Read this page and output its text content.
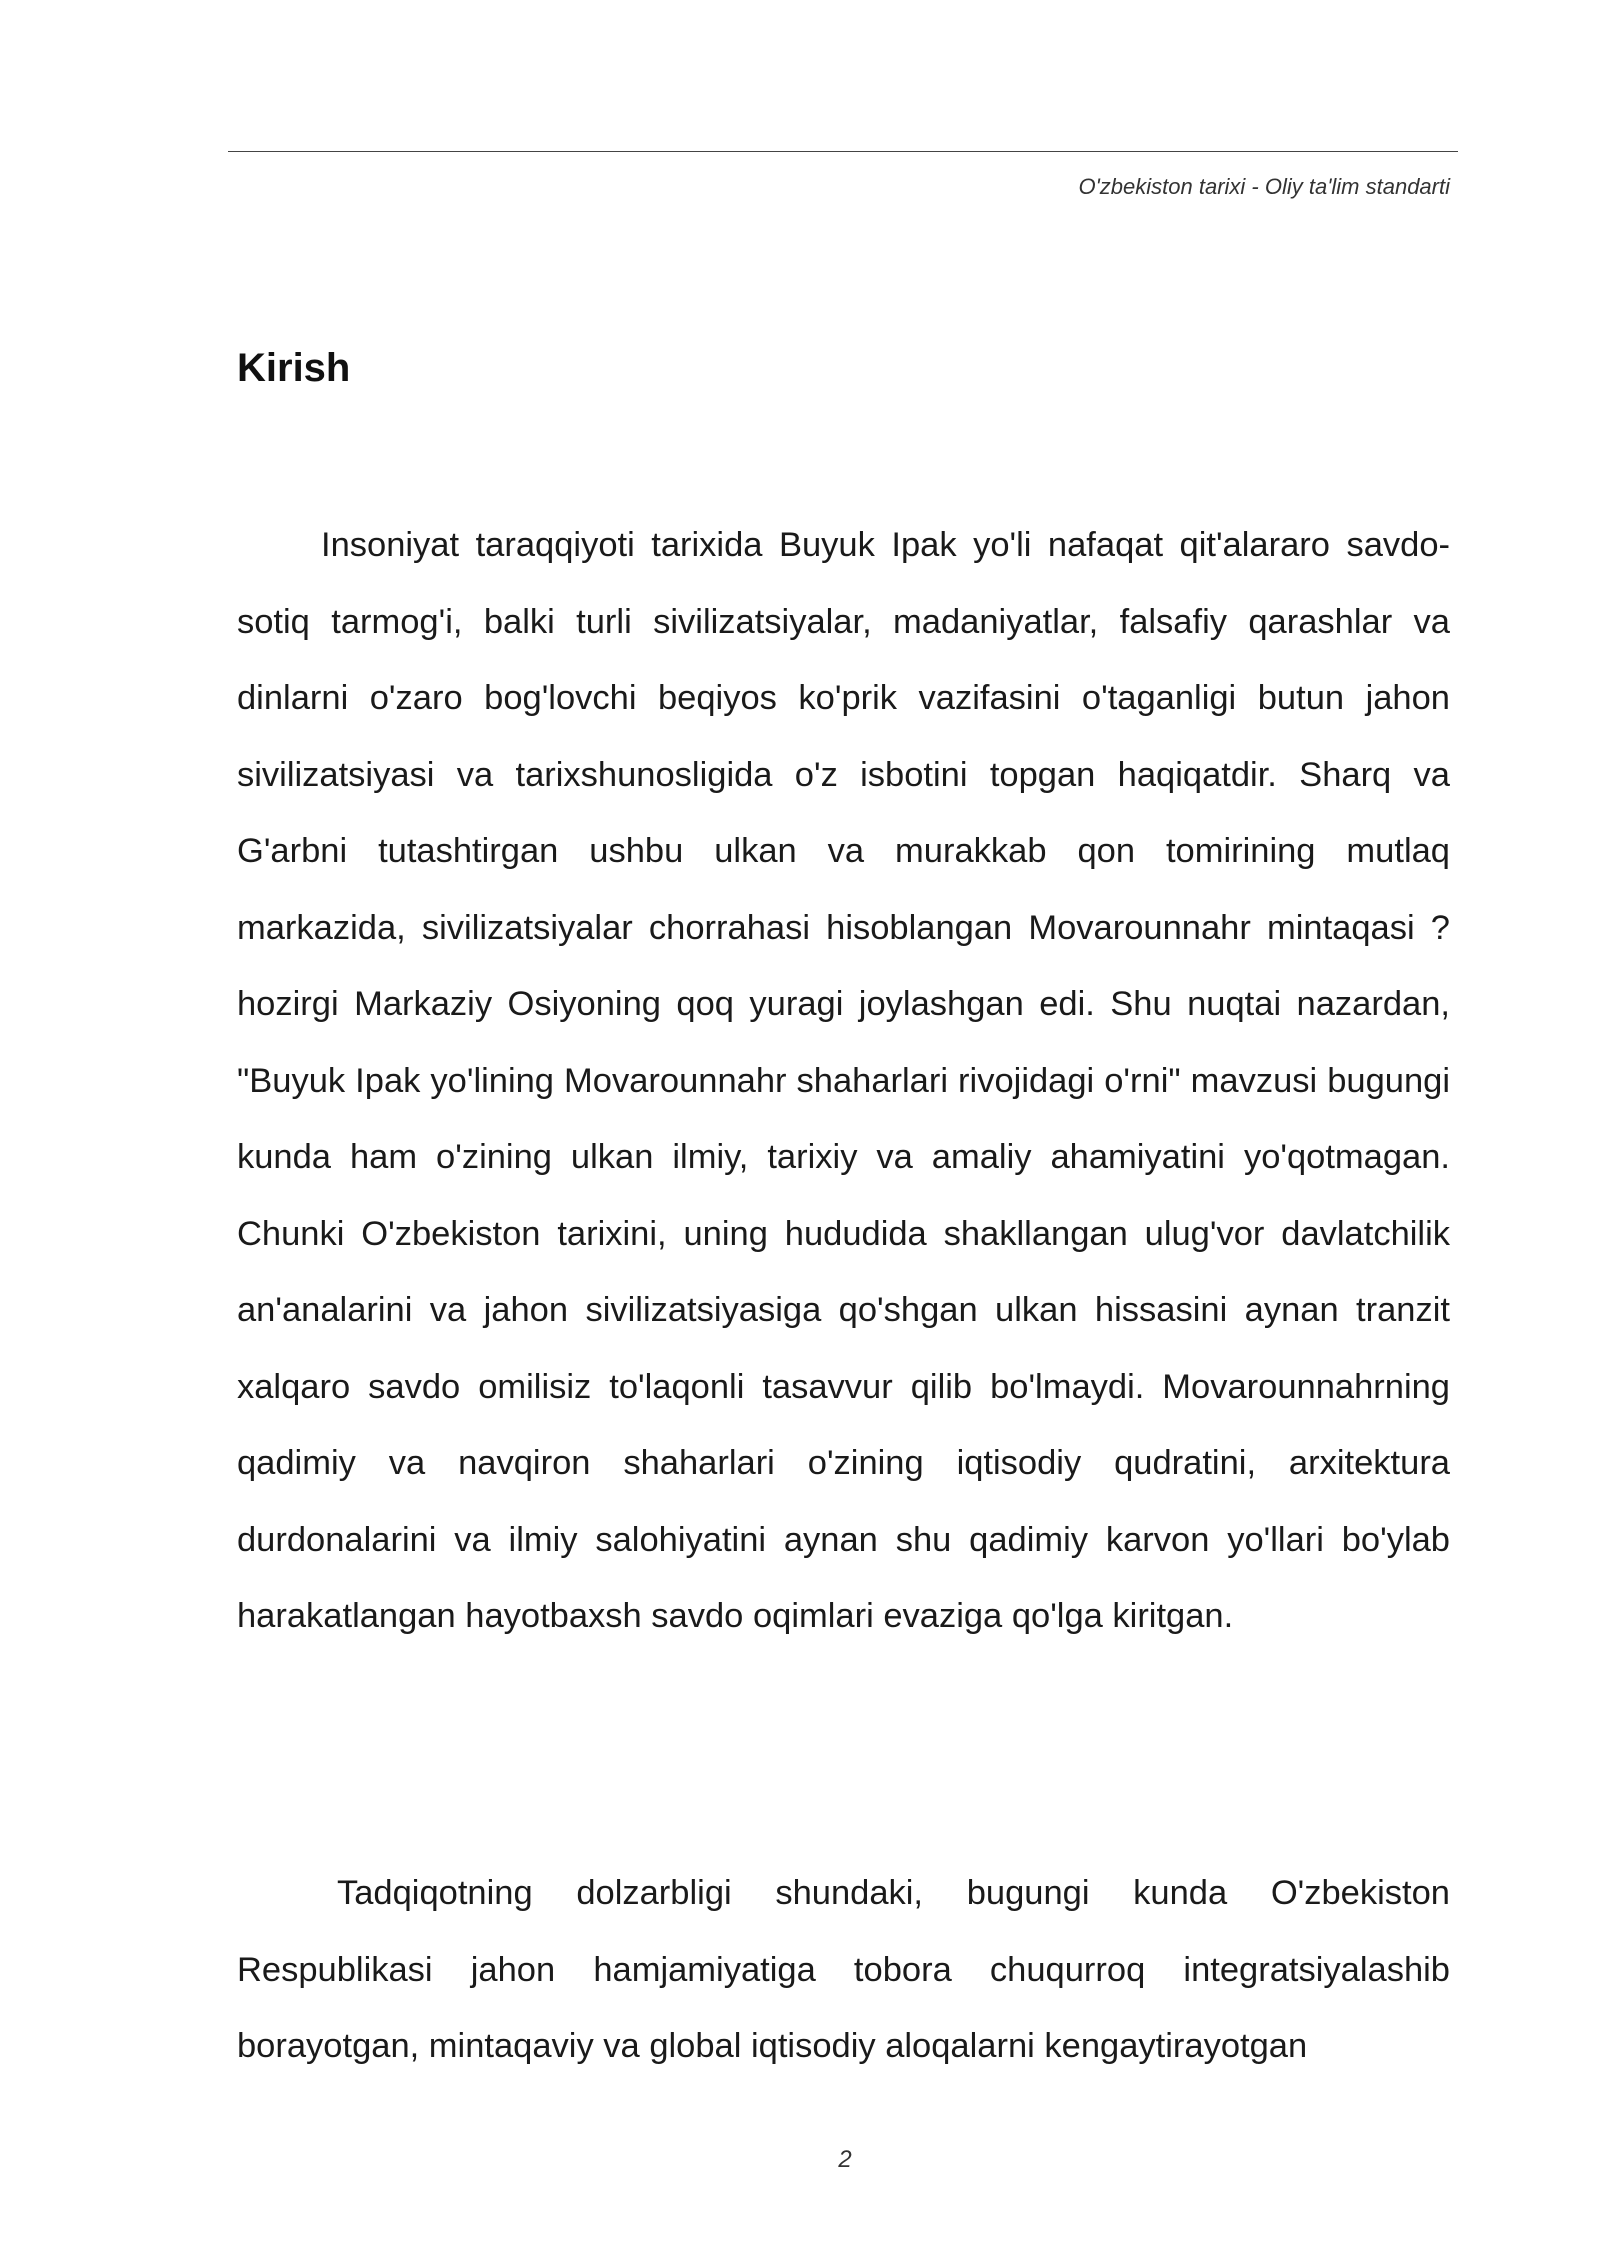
O'zbekiston tarixi - Oliy ta'lim standarti
Kirish

Insoniyat taraqqiyoti tarixida Buyuk Ipak yo'li nafaqat qit'alararo savdo-sotiq tarmog'i, balki turli sivilizatsiyalar, madaniyatlar, falsafiy qarashlar va dinlarni o'zaro bog'lovchi beqiyos ko'prik vazifasini o'taganligi butun jahon sivilizatsiyasi va tarixshunosligida o'z isbotini topgan haqiqatdir. Sharq va G'arbni tutashtirgan ushbu ulkan va murakkab qon tomirining mutlaq markazida, sivilizatsiyalar chorrahasi hisoblangan Movarounnahr mintaqasi ? hozirgi Markaziy Osiyoning qoq yuragi joylashgan edi. Shu nuqtai nazardan, "Buyuk Ipak yo'lining Movarounnahr shaharlari rivojidagi o'rni" mavzusi bugungi kunda ham o'zining ulkan ilmiy, tarixiy va amaliy ahamiyatini yo'qotmagan. Chunki O'zbekiston tarixini, uning hududida shakllangan ulug'vor davlatchilik an'analarini va jahon sivilizatsiyasiga qo'shgan ulkan hissasini aynan tranzit xalqaro savdo omilisiz to'laqonli tasavvur qilib bo'lmaydi. Movarounnahrning qadimiy va navqiron shaharlari o'zining iqtisodiy qudratini, arxitektura durdonalarini va ilmiy salohiyatini aynan shu qadimiy karvon yo'llari bo'ylab harakatlangan hayotbaxsh savdo oqimlari evaziga qo'lga kiritgan.

Tadqiqotning dolzarbligi shundaki, bugungi kunda O'zbekiston Respublikasi jahon hamjamiyatiga tobora chuqurroq integratsiyalashib borayotgan, mintaqaviy va global iqtisodiy aloqalarni kengaytirayotgan

2
